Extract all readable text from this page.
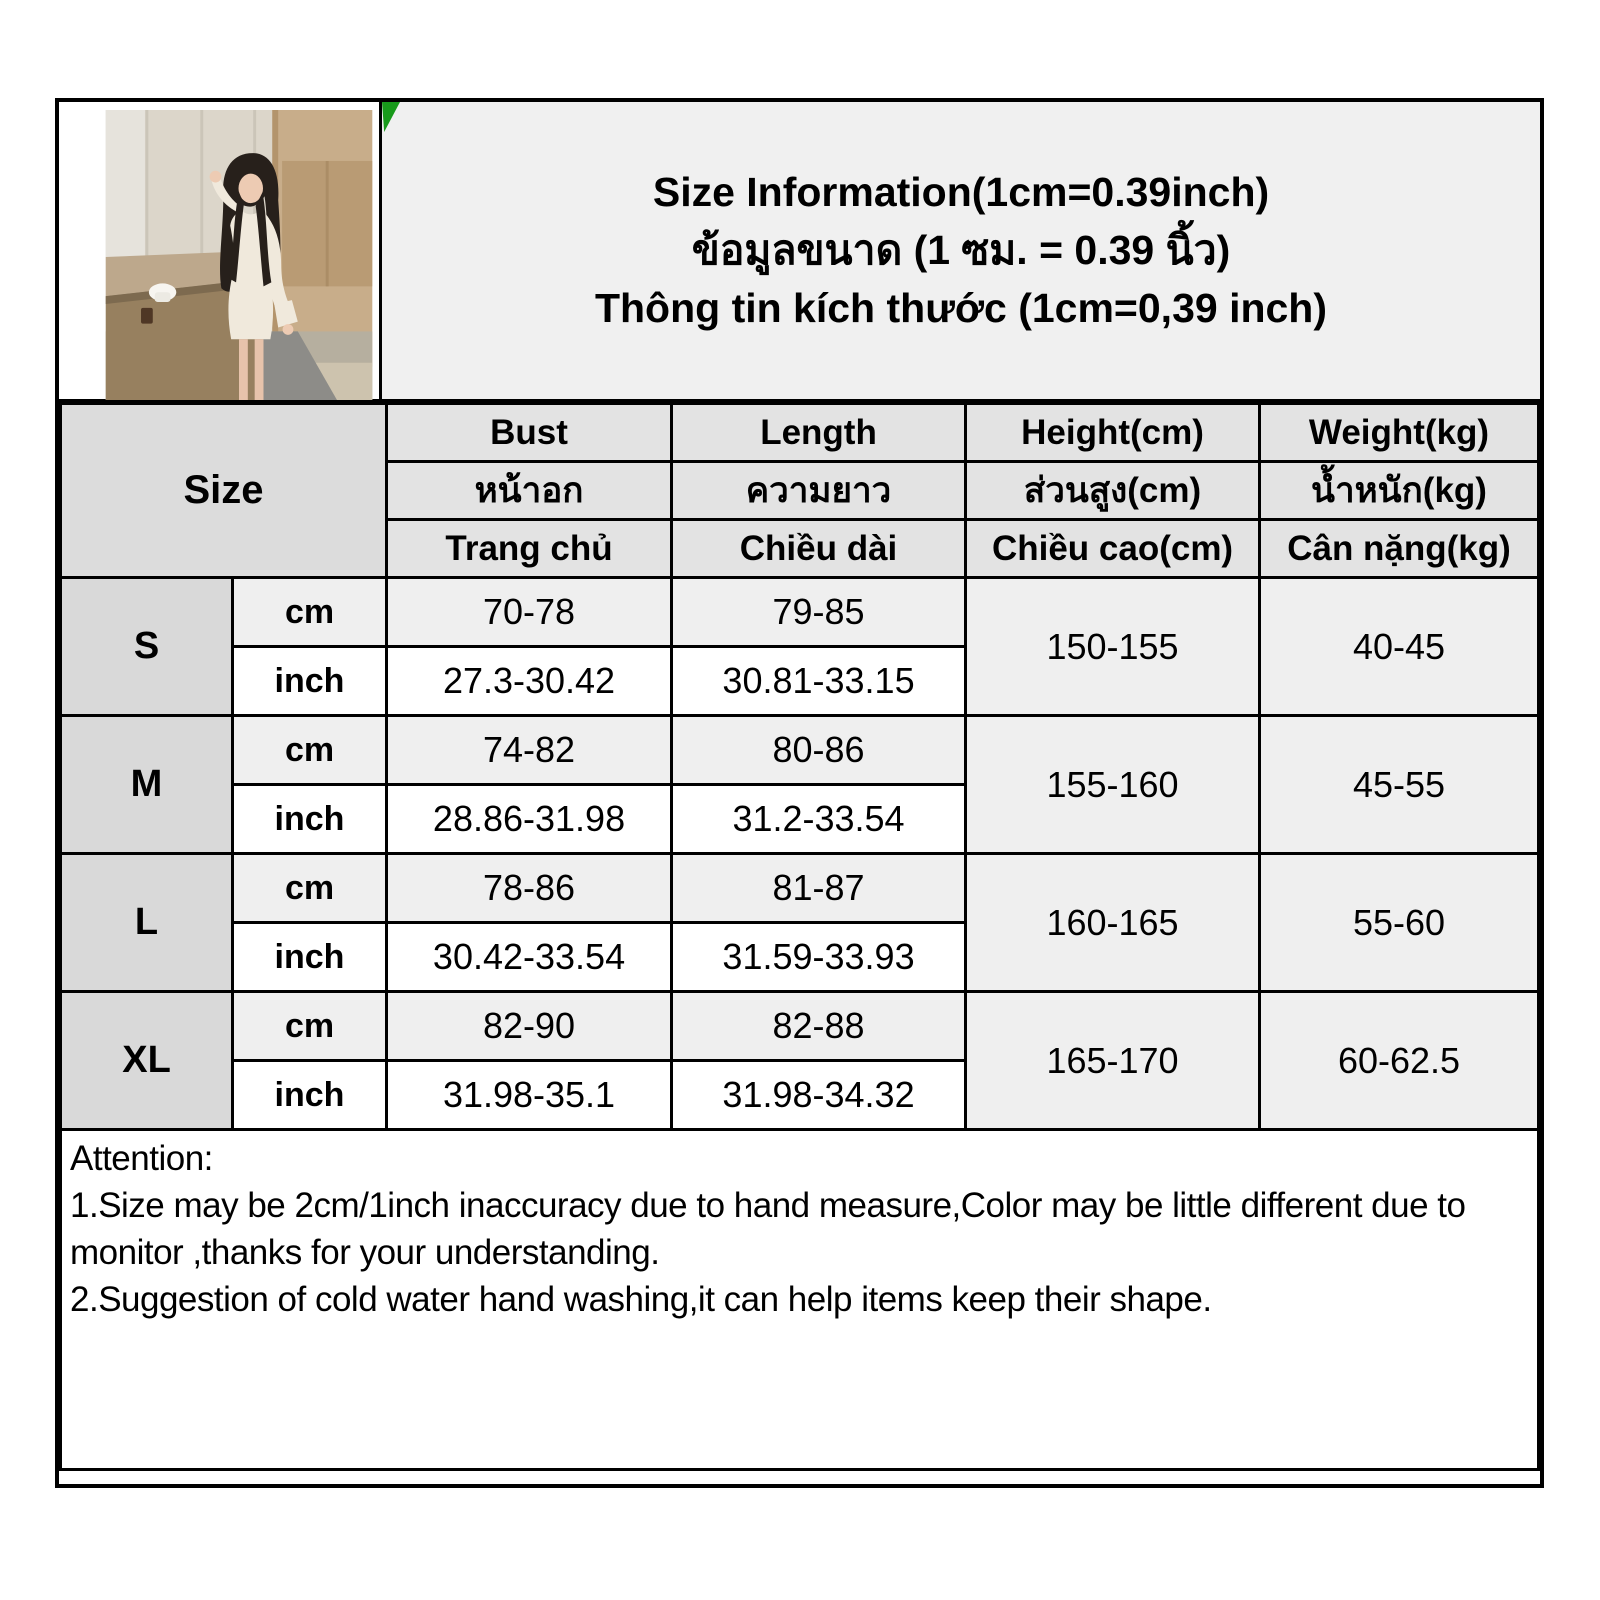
Size Information(1cm=0.39inch)
ข้อมูลขนาด (1 ซม. = 0.39 นิ้ว)
Thông tin kích thước (1cm=0,39 inch)
Size		Bust	Length	Height(cm)	Weight(kg)
		หน้าอก	ความยาว	ส่วนสูง(cm)	น้ำหนัก(kg)
		Trang chủ	Chiều dài	Chiều cao(cm)	Cân nặng(kg)
S	cm	70-78	79-85	150-155	40-45
	inch	27.3-30.42	30.81-33.15		
M	cm	74-82	80-86	155-160	45-55
	inch	28.86-31.98	31.2-33.54		
L	cm	78-86	81-87	160-165	55-60
	inch	30.42-33.54	31.59-33.93		
XL	cm	82-90	82-88	165-170	60-62.5
	inch	31.98-35.1	31.98-34.32		

Attention:
1.Size may be 2cm/1inch inaccuracy due to hand measure,Color may be little different due to monitor ,thanks for your understanding.
2.Suggestion of cold water hand washing,it can help items keep their shape.					
